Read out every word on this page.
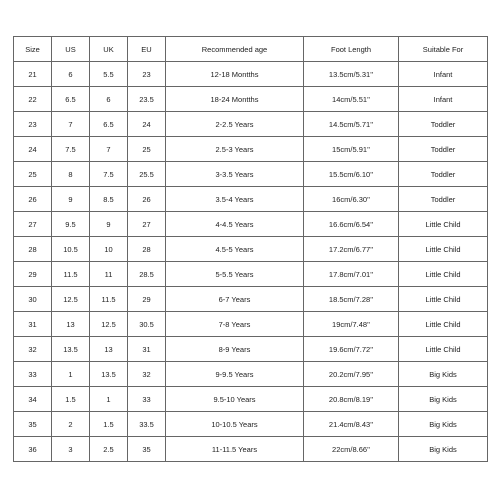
Size	US	UK	EU	Recommended age	Foot Length	Suitable For
21	6	5.5	23	12-18 Montths	13.5cm/5.31''	Infant
22	6.5	6	23.5	18-24 Montths	14cm/5.51''	Infant
23	7	6.5	24	2-2.5 Years	14.5cm/5.71''	Toddler
24	7.5	7	25	2.5-3 Years	15cm/5.91''	Toddler
25	8	7.5	25.5	3-3.5 Years	15.5cm/6.10''	Toddler
26	9	8.5	26	3.5-4 Years	16cm/6.30''	Toddler
27	9.5	9	27	4-4.5 Years	16.6cm/6.54''	Little Child
28	10.5	10	28	4.5-5 Years	17.2cm/6.77''	Little Child
29	11.5	11	28.5	5-5.5 Years	17.8cm/7.01''	Little Child
30	12.5	11.5	29	6-7 Years	18.5cm/7.28''	Little Child
31	13	12.5	30.5	7-8 Years	19cm/7.48''	Little Child
32	13.5	13	31	8-9 Years	19.6cm/7.72''	Little Child
33	1	13.5	32	9-9.5 Years	20.2cm/7.95''	Big Kids
34	1.5	1	33	9.5-10 Years	20.8cm/8.19''	Big Kids
35	2	1.5	33.5	10-10.5 Years	21.4cm/8.43''	Big Kids
36	3	2.5	35	11-11.5 Years	22cm/8.66''	Big Kids
